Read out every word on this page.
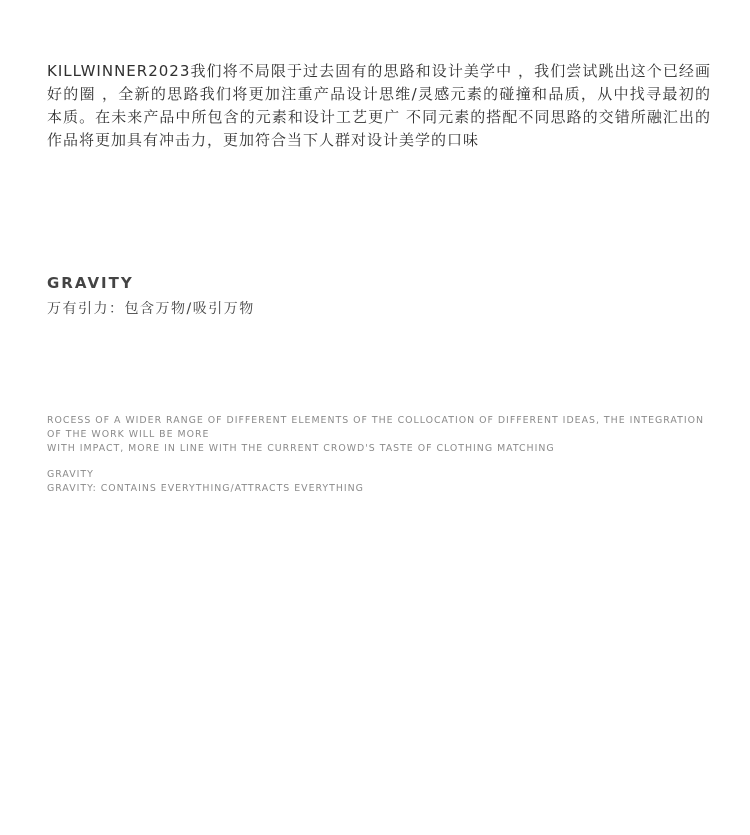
KILLWINNER2023我们将不局限于过去固有的思路和设计美学中 ，我们尝试跳出这个已经画好的圈 ，全新的思路我们将更加注重产品设计思维/灵感元素的碰撞和品质，从中找寻最初的本质。在未来产品中所包含的元素和设计工艺更广 不同元素的搭配不同思路的交错所融汇出的作品将更加具有冲击力，更加符合当下人群对设计美学的口味

GRAVITY

万有引力：包含万物/吸引万物

ROCESS OF A WIDER RANGE OF DIFFERENT ELEMENTS OF THE COLLOCATION OF DIFFERENT IDEAS, THE INTEGRATION OF THE WORK WILL BE MORE

WITH IMPACT, MORE IN LINE WITH THE CURRENT CROWD'S TASTE OF CLOTHING MATCHING

GRAVITY

GRAVITY: CONTAINS EVERYTHING/ATTRACTS EVERYTHING
